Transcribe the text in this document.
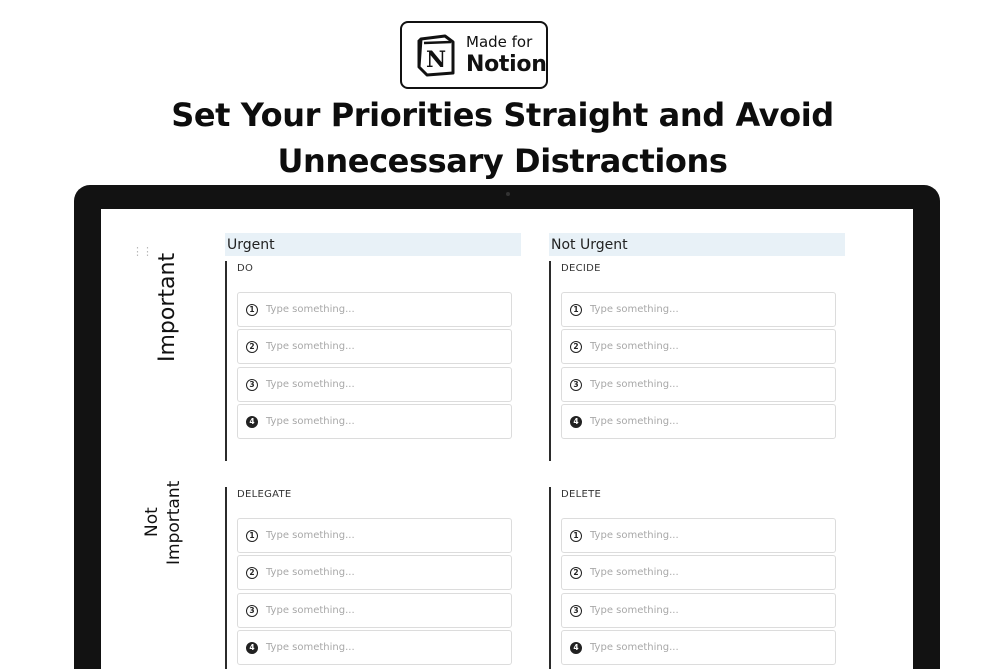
N
Made for
Notion
Set Your Priorities Straight and Avoid
Unnecessary Distractions
⋮⋮
Important
Not Important
Urgent	Not Urgent
DO
1	Type something...
2	Type something...
3	Type something...
4	Type something...
DECIDE
1	Type something...
2	Type something...
3	Type something...
4	Type something...
DELEGATE
1	Type something...
2	Type something...
3	Type something...
4	Type something...
DELETE
1	Type something...
2	Type something...
3	Type something...
4	Type something...
